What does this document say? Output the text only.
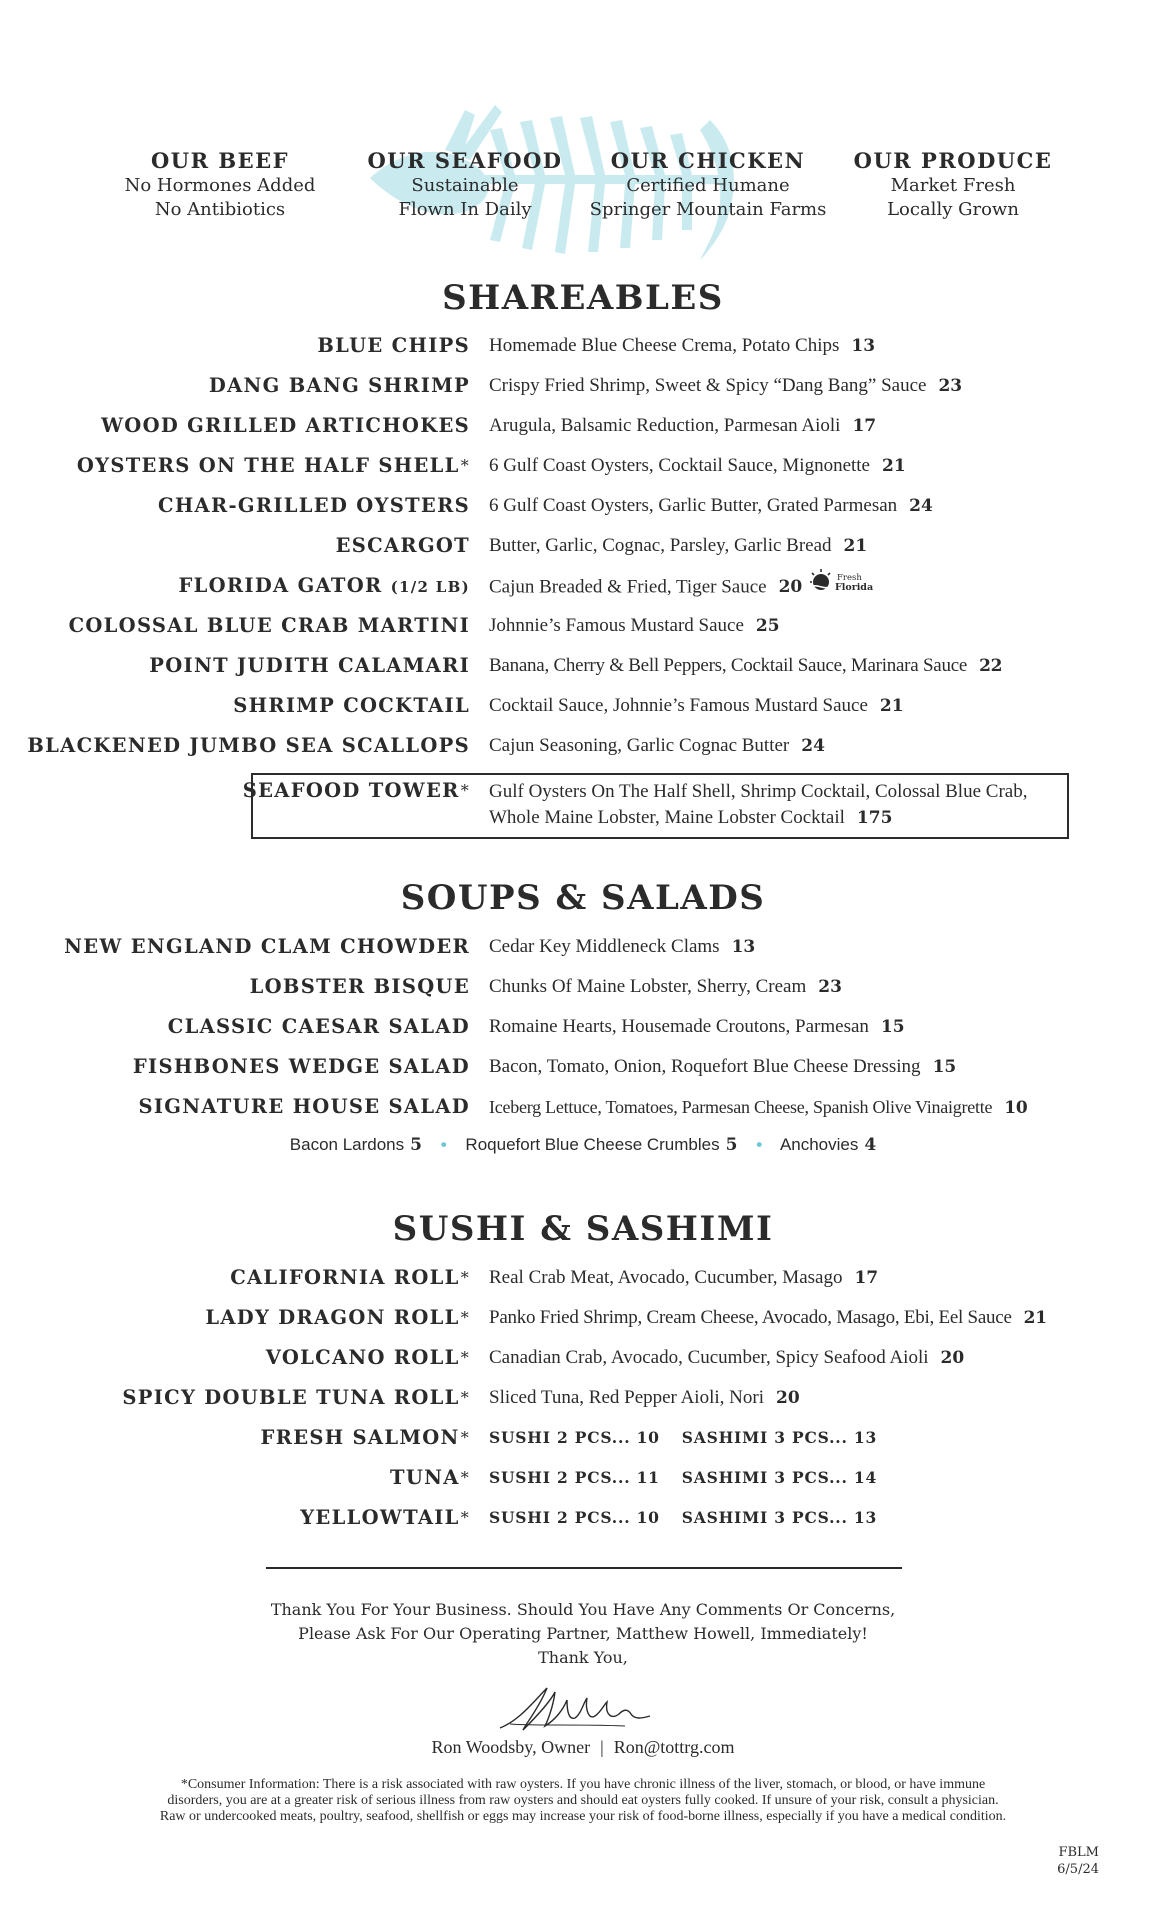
OUR BEEF
No Hormones Added
No Antibiotics
OUR SEAFOOD
Sustainable
Flown In Daily
OUR CHICKEN
Certified Humane
Springer Mountain Farms
OUR PRODUCE
Market Fresh
Locally Grown
SHAREABLES
BLUE CHIPS Homemade Blue Cheese Crema, Potato Chips 13
DANG BANG SHRIMP Crispy Fried Shrimp, Sweet & Spicy “Dang Bang” Sauce 23
WOOD GRILLED ARTICHOKES Arugula, Balsamic Reduction, Parmesan Aioli 17
OYSTERS ON THE HALF SHELL* 6 Gulf Coast Oysters, Cocktail Sauce, Mignonette 21
CHAR-GRILLED OYSTERS 6 Gulf Coast Oysters, Garlic Butter, Grated Parmesan 24
ESCARGOT Butter, Garlic, Cognac, Parsley, Garlic Bread 21
FLORIDA GATOR (1/2 LB) Cajun Breaded & Fried, Tiger Sauce 20	Fresh
Florida.
COLOSSAL BLUE CRAB MARTINI Johnnie’s Famous Mustard Sauce 25
POINT JUDITH CALAMARI Banana, Cherry & Bell Peppers, Cocktail Sauce, Marinara Sauce 22
SHRIMP COCKTAIL Cocktail Sauce, Johnnie’s Famous Mustard Sauce 21
BLACKENED JUMBO SEA SCALLOPS Cajun Seasoning, Garlic Cognac Butter 24
SEAFOOD TOWER* Gulf Oysters On The Half Shell, Shrimp Cocktail, Colossal Blue Crab,
Whole Maine Lobster, Maine Lobster Cocktail 175
SOUPS & SALADS
NEW ENGLAND CLAM CHOWDER Cedar Key Middleneck Clams 13
LOBSTER BISQUE Chunks Of Maine Lobster, Sherry, Cream 23
CLASSIC CAESAR SALAD Romaine Hearts, Housemade Croutons, Parmesan 15
FISHBONES WEDGE SALAD Bacon, Tomato, Onion, Roquefort Blue Cheese Dressing 15
SIGNATURE HOUSE SALAD Iceberg Lettuce, Tomatoes, Parmesan Cheese, Spanish Olive Vinaigrette 10
Bacon Lardons 5 • Roquefort Blue Cheese Crumbles 5 • Anchovies 4
SUSHI & SASHIMI
CALIFORNIA ROLL* Real Crab Meat, Avocado, Cucumber, Masago 17
LADY DRAGON ROLL* Panko Fried Shrimp, Cream Cheese, Avocado, Masago, Ebi, Eel Sauce 21
VOLCANO ROLL* Canadian Crab, Avocado, Cucumber, Spicy Seafood Aioli 20
SPICY DOUBLE TUNA ROLL* Sliced Tuna, Red Pepper Aioli, Nori 20
FRESH SALMON* SUSHI 2 PCS... 10 SASHIMI 3 PCS... 13
TUNA* SUSHI 2 PCS... 11 SASHIMI 3 PCS... 14
YELLOWTAIL* SUSHI 2 PCS... 10 SASHIMI 3 PCS... 13
Thank You For Your Business. Should You Have Any Comments Or Concerns,
Please Ask For Our Operating Partner, Matthew Howell, Immediately!
Thank You,
Ron Woodsby, Owner | Ron@tottrg.com
*Consumer Information: There is a risk associated with raw oysters. If you have chronic illness of the liver, stomach, or blood, or have immune
disorders, you are at a greater risk of serious illness from raw oysters and should eat oysters fully cooked. If unsure of your risk, consult a physician.
Raw or undercooked meats, poultry, seafood, shellfish or eggs may increase your risk of food-borne illness, especially if you have a medical condition.
FBLM
6/5/24
